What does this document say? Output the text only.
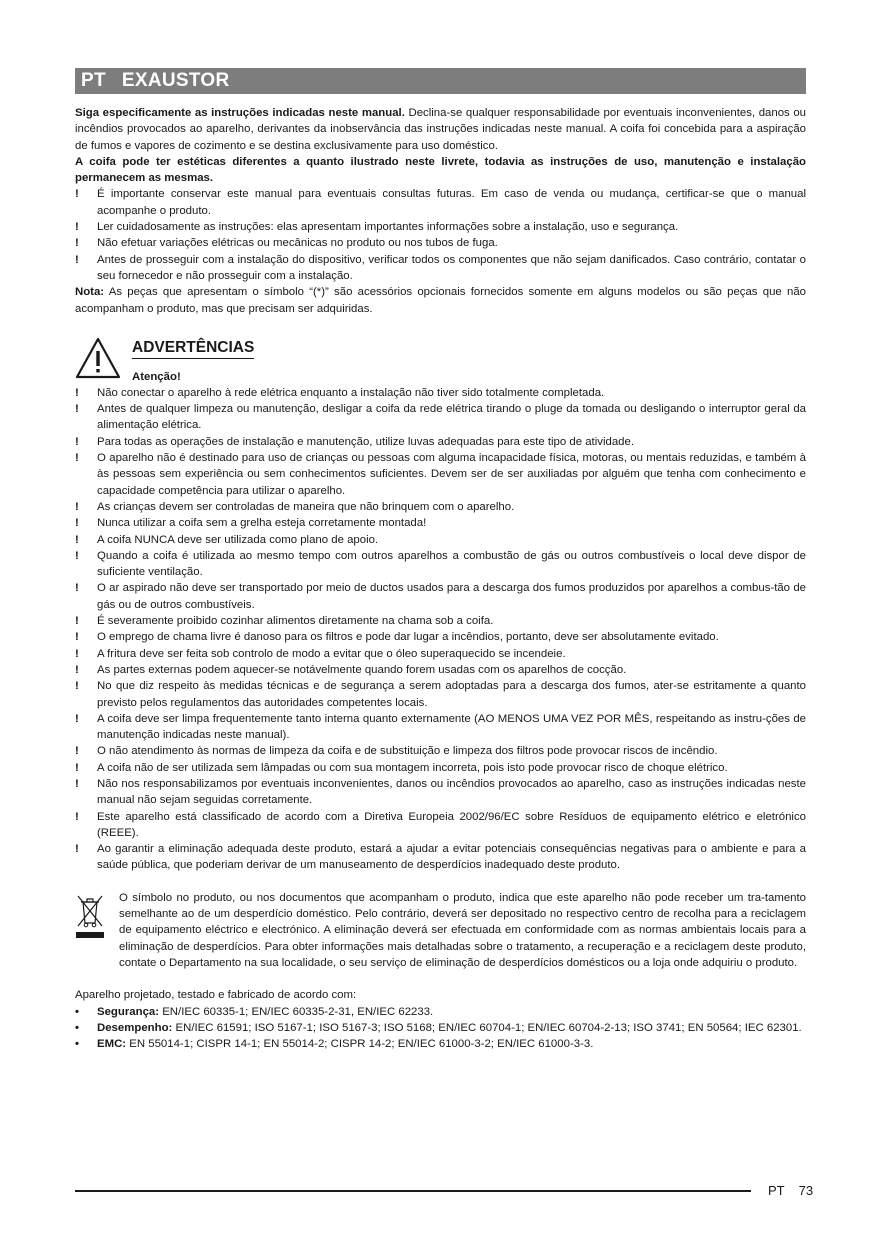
PT EXAUSTOR

Siga especificamente as instruções indicadas neste manual. Declina-se qualquer responsabilidade por eventuais inconvenientes, danos ou incêndios provocados ao aparelho, derivantes da inobservância das instruções indicadas neste manual. A coifa foi concebida para a aspiração de fumos e vapores de cozimento e se destina exclusivamente para uso doméstico.

A coifa pode ter estéticas diferentes a quanto ilustrado neste livrete, todavia as instruções de uso, manutenção e instalação permanecem as mesmas.

! É importante conservar este manual para eventuais consultas futuras. Em caso de venda ou mudança, certificar-se que o manual acompanhe o produto.
! Ler cuidadosamente as instruções: elas apresentam importantes informações sobre a instalação, uso e segurança.
! Não efetuar variações elétricas ou mecânicas no produto ou nos tubos de fuga.
! Antes de prosseguir com a instalação do dispositivo, verificar todos os componentes que não sejam danificados. Caso contrário, contatar o seu fornecedor e não prosseguir com a instalação.

Nota: As peças que apresentam o símbolo “(*)” são acessórios opcionais fornecidos somente em alguns modelos ou são peças que não acompanham o produto, mas que precisam ser adquiridas.

ADVERTÊNCIAS
Atenção!
! Não conectar o aparelho à rede elétrica enquanto a instalação não tiver sido totalmente completada.
! Antes de qualquer limpeza ou manutenção, desligar a coifa da rede elétrica tirando o pluge da tomada ou desligando o interruptor geral da alimentação elétrica.
! Para todas as operações de instalação e manutenção, utilize luvas adequadas para este tipo de atividade.
! O aparelho não é destinado para uso de crianças ou pessoas com alguma incapacidade física, motoras, ou mentais reduzidas, e também à às pessoas sem experiência ou sem conhecimentos suficientes. Devem ser de ser auxiliadas por alguém que tenha com conhecimento e capacidade competência para utilizar o aparelho.
! As crianças devem ser controladas de maneira que não brinquem com o aparelho.
! Nunca utilizar a coifa sem a grelha esteja corretamente montada!
! A coifa NUNCA deve ser utilizada como plano de apoio.
! Quando a coifa é utilizada ao mesmo tempo com outros aparelhos a combustão de gás ou outros combustíveis o local deve dispor de suficiente ventilação.
! O ar aspirado não deve ser transportado por meio de ductos usados para a descarga dos fumos produzidos por aparelhos a combus-tão de gás ou de outros combustíveis.
! É severamente proibido cozinhar alimentos diretamente na chama sob a coifa.
! O emprego de chama livre é danoso para os filtros e pode dar lugar a incêndios, portanto, deve ser absolutamente evitado.
! A fritura deve ser feita sob controlo de modo a evitar que o óleo superaquecido se incendeie.
! As partes externas podem aquecer-se notávelmente quando forem usadas com os aparelhos de cocção.
! No que diz respeito às medidas técnicas e de segurança a serem adoptadas para a descarga dos fumos, ater-se estritamente a quanto previsto pelos regulamentos das autoridades competentes locais.
! A coifa deve ser limpa frequentemente tanto interna quanto externamente (AO MENOS UMA VEZ POR MÊS, respeitando as instru-ções de manutenção indicadas neste manual).
! O não atendimento às normas de limpeza da coifa e de substituição e limpeza dos filtros pode provocar riscos de incêndio.
! A coifa não de ser utilizada sem lâmpadas ou com sua montagem incorreta, pois isto pode provocar risco de choque elétrico.
! Não nos responsabilizamos por eventuais inconvenientes, danos ou incêndios provocados ao aparelho, caso as instruções indicadas neste manual não sejam seguidas corretamente.
! Este aparelho está classificado de acordo com a Diretiva Europeia 2002/96/EC sobre Resíduos de equipamento elétrico e eletrónico (REEE).
! Ao garantir a eliminação adequada deste produto, estará a ajudar a evitar potenciais consequências negativas para o ambiente e para a saúde pública, que poderiam derivar de um manuseamento de desperdícios inadequado deste produto.

O símbolo no produto, ou nos documentos que acompanham o produto, indica que este aparelho não pode receber um tra-tamento semelhante ao de um desperdício doméstico. Pelo contrário, deverá ser depositado no respectivo centro de recolha para a reciclagem de equipamento eléctrico e electrónico. A eliminação deverá ser efectuada em conformidade com as normas ambientais locais para a eliminação de desperdícios. Para obter informações mais detalhadas sobre o tratamento, a recuperação e a reciclagem deste produto, contate o Departamento na sua localidade, o seu serviço de eliminação de desperdícios domésticos ou a loja onde adquiriu o produto.

Aparelho projetado, testado e fabricado de acordo com:

• Segurança: EN/IEC 60335-1; EN/IEC 60335-2-31, EN/IEC 62233.
• Desempenho: EN/IEC 61591; ISO 5167-1; ISO 5167-3; ISO 5168; EN/IEC 60704-1; EN/IEC 60704-2-13; ISO 3741; EN 50564; IEC 62301.
• EMC: EN 55014-1; CISPR 14-1; EN 55014-2; CISPR 14-2; EN/IEC 61000-3-2; EN/IEC 61000-3-3.
PT 73
